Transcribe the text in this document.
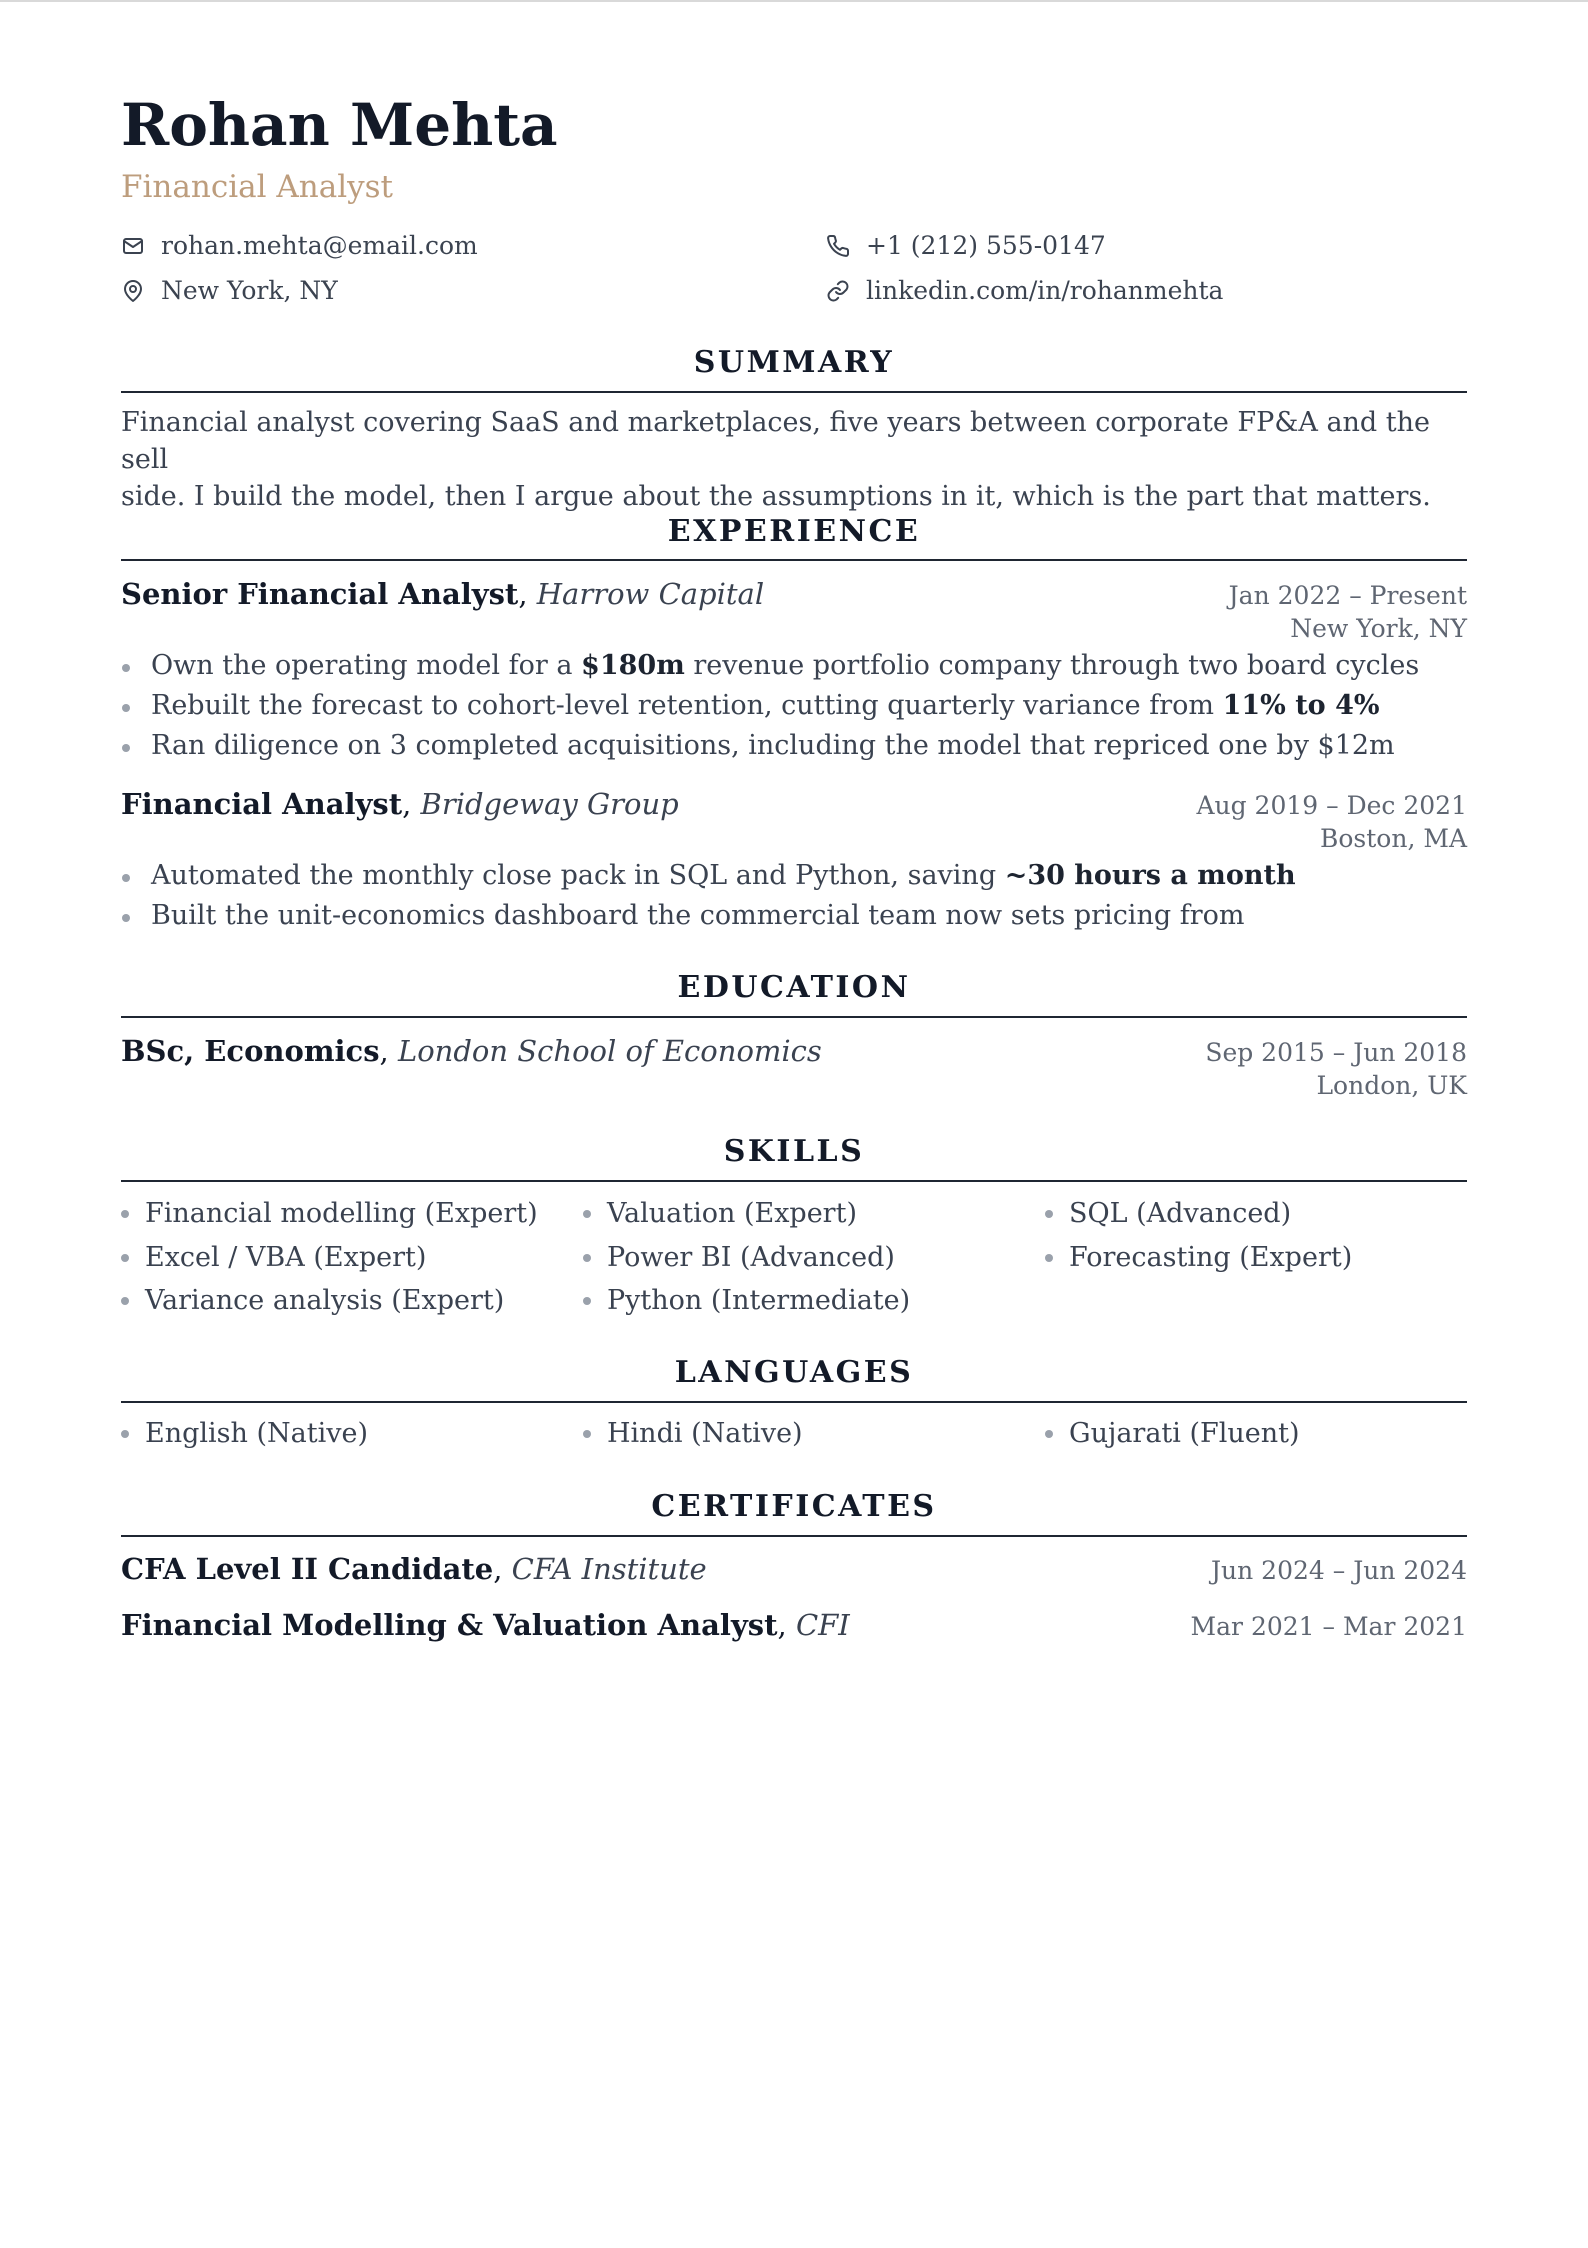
Rohan Mehta
Financial Analyst
rohan.mehta@email.com	+1 (212) 555-0147
New York, NY	linkedin.com/in/rohanmehta
SUMMARY
Financial analyst covering SaaS and marketplaces, five years between corporate FP&A and the sell
side. I build the model, then I argue about the assumptions in it, which is the part that matters.
EXPERIENCE
Senior Financial Analyst, Harrow Capital	Jan 2022 – Present
New York, NY
Own the operating model for a $180m revenue portfolio company through two board cycles
Rebuilt the forecast to cohort-level retention, cutting quarterly variance from 11% to 4%
Ran diligence on 3 completed acquisitions, including the model that repriced one by $12m
Financial Analyst, Bridgeway Group	Aug 2019 – Dec 2021
Boston, MA
Automated the monthly close pack in SQL and Python, saving ~30 hours a month
Built the unit-economics dashboard the commercial team now sets pricing from
EDUCATION
BSc, Economics, London School of Economics	Sep 2015 – Jun 2018
London, UK
SKILLS
Financial modelling (Expert)	Valuation (Expert)	SQL (Advanced)
Excel / VBA (Expert)	Power BI (Advanced)	Forecasting (Expert)
Variance analysis (Expert)	Python (Intermediate)
LANGUAGES
English (Native)	Hindi (Native)	Gujarati (Fluent)
CERTIFICATES
CFA Level II Candidate, CFA Institute	Jun 2024 – Jun 2024
Financial Modelling & Valuation Analyst, CFI	Mar 2021 – Mar 2021
